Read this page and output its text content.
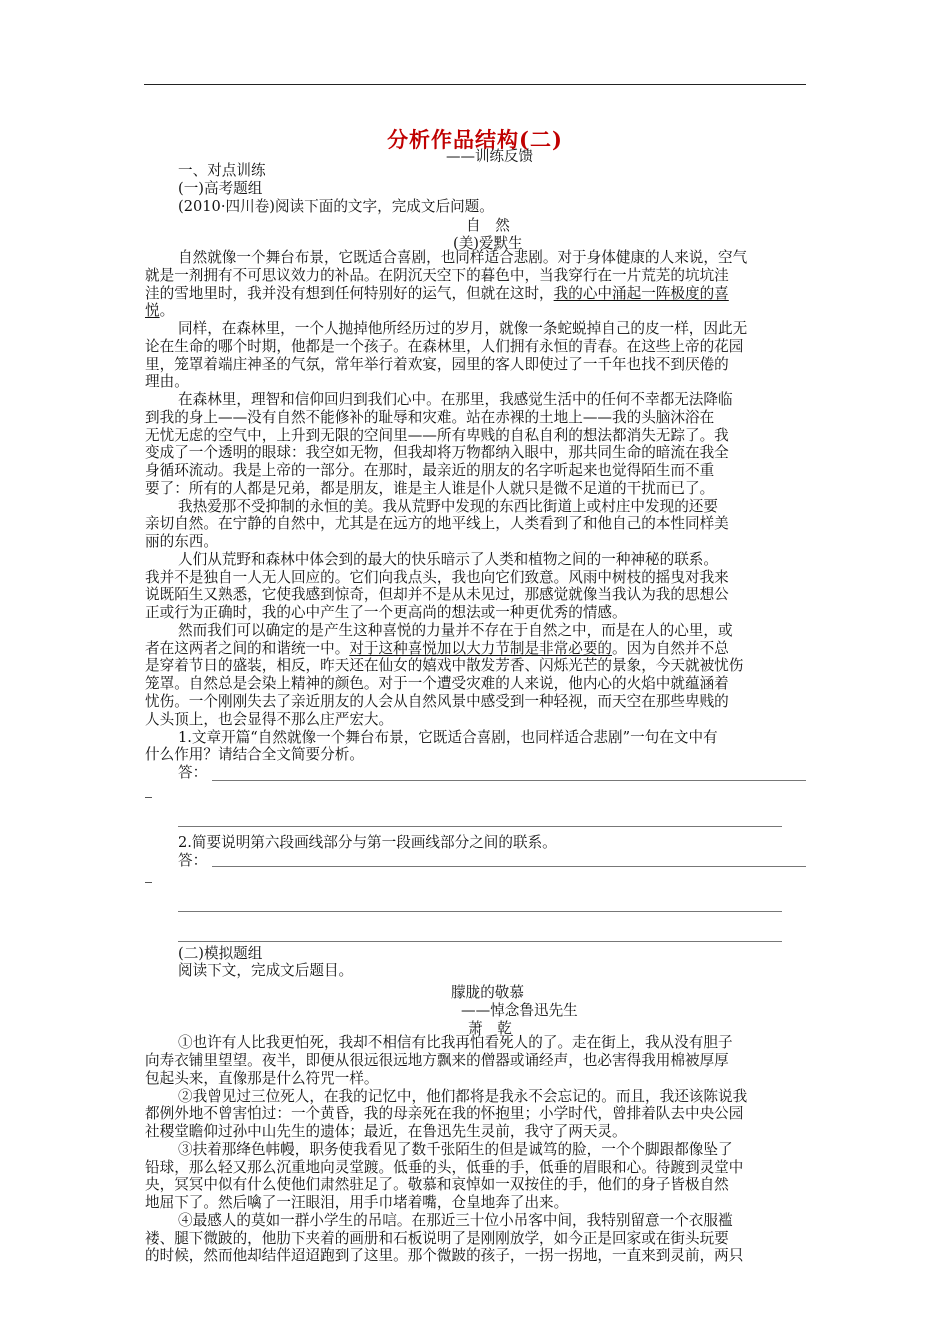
分析作品结构(二)
——训练反馈
一、对点训练
(一)高考题组
(2010·四川卷)阅读下面的文字，完成文后问题。
自　然
(美)爱默生
自然就像一个舞台布景，它既适合喜剧，也同样适合悲剧。对于身体健康的人来说，空气
就是一剂拥有不可思议效力的补品。在阴沉天空下的暮色中，当我穿行在一片荒芜的坑坑洼
洼的雪地里时，我并没有想到任何特别好的运气，但就在这时，我的心中涌起一阵极度的喜
悦。
同样，在森林里，一个人抛掉他所经历过的岁月，就像一条蛇蜕掉自己的皮一样，因此无
论在生命的哪个时期，他都是一个孩子。在森林里，人们拥有永恒的青春。在这些上帝的花园
里，笼罩着端庄神圣的气氛，常年举行着欢宴，园里的客人即使过了一千年也找不到厌倦的
理由。
在森林里，理智和信仰回归到我们心中。在那里，我感觉生活中的任何不幸都无法降临
到我的身上——没有自然不能修补的耻辱和灾难。站在赤裸的土地上——我的头脑沐浴在
无忧无虑的空气中，上升到无限的空间里——所有卑贱的自私自利的想法都消失无踪了。我
变成了一个透明的眼球：我空如无物，但我却将万物都纳入眼中，那共同生命的暗流在我全
身循环流动。我是上帝的一部分。在那时，最亲近的朋友的名字听起来也觉得陌生而不重
要了：所有的人都是兄弟，都是朋友，谁是主人谁是仆人就只是微不足道的干扰而已了。
我热爱那不受抑制的永恒的美。我从荒野中发现的东西比街道上或村庄中发现的还要
亲切自然。在宁静的自然中，尤其是在远方的地平线上，人类看到了和他自己的本性同样美
丽的东西。
人们从荒野和森林中体会到的最大的快乐暗示了人类和植物之间的一种神秘的联系。
我并不是独自一人无人回应的。它们向我点头，我也向它们致意。风雨中树枝的摇曳对我来
说既陌生又熟悉，它使我感到惊奇，但却并不是从未见过，那感觉就像当我认为我的思想公
正或行为正确时，我的心中产生了一个更高尚的想法或一种更优秀的情感。
然而我们可以确定的是产生这种喜悦的力量并不存在于自然之中，而是在人的心里，或
者在这两者之间的和谐统一中。对于这种喜悦加以大力节制是非常必要的。因为自然并不总
是穿着节日的盛装，相反，昨天还在仙女的嬉戏中散发芳香、闪烁光芒的景象，今天就被忧伤
笼罩。自然总是会染上精神的颜色。对于一个遭受灾难的人来说，他内心的火焰中就蕴涵着
忧伤。一个刚刚失去了亲近朋友的人会从自然风景中感受到一种轻视，而天空在那些卑贱的
人头顶上，也会显得不那么庄严宏大。
1.文章开篇“自然就像一个舞台布景，它既适合喜剧，也同样适合悲剧”一句在文中有
什么作用？请结合全文简要分析。
答：
2.简要说明第六段画线部分与第一段画线部分之间的联系。
答：
(二)模拟题组
阅读下文，完成文后题目。
朦胧的敬慕
——悼念鲁迅先生
萧　乾
①也许有人比我更怕死，我却不相信有比我再怕看死人的了。走在街上，我从没有胆子
向寿衣铺里望望。夜半，即便从很远很远地方飘来的僧器或诵经声，也必害得我用棉被厚厚
包起头来，直像那是什么符咒一样。
②我曾见过三位死人，在我的记忆中，他们都将是我永不会忘记的。而且，我还该陈说我
都例外地不曾害怕过：一个黄昏，我的母亲死在我的怀抱里；小学时代，曾排着队去中央公园
社稷堂瞻仰过孙中山先生的遗体；最近，在鲁迅先生灵前，我守了两天灵。
③扶着那绛色帏幔，职务使我看见了数千张陌生的但是诚笃的脸，一个个脚跟都像坠了
铅球，那么轻又那么沉重地向灵堂踱。低垂的头，低垂的手，低垂的眉眼和心。待踱到灵堂中
央，冥冥中似有什么使他们肃然驻足了。敬慕和哀悼如一双按住的手，他们的身子皆极自然
地屈下了。然后噙了一汪眼泪，用手巾堵着嘴，仓皇地奔了出来。
④最感人的莫如一群小学生的吊唁。在那近三十位小吊客中间，我特别留意一个衣服褴
褛、腿下微跛的，他肋下夹着的画册和石板说明了是刚刚放学，如今正是回家或在街头玩要
的时候，然而他却结伴迢迢跑到了这里。那个微跛的孩子，一拐一拐地，一直来到灵前，两只
